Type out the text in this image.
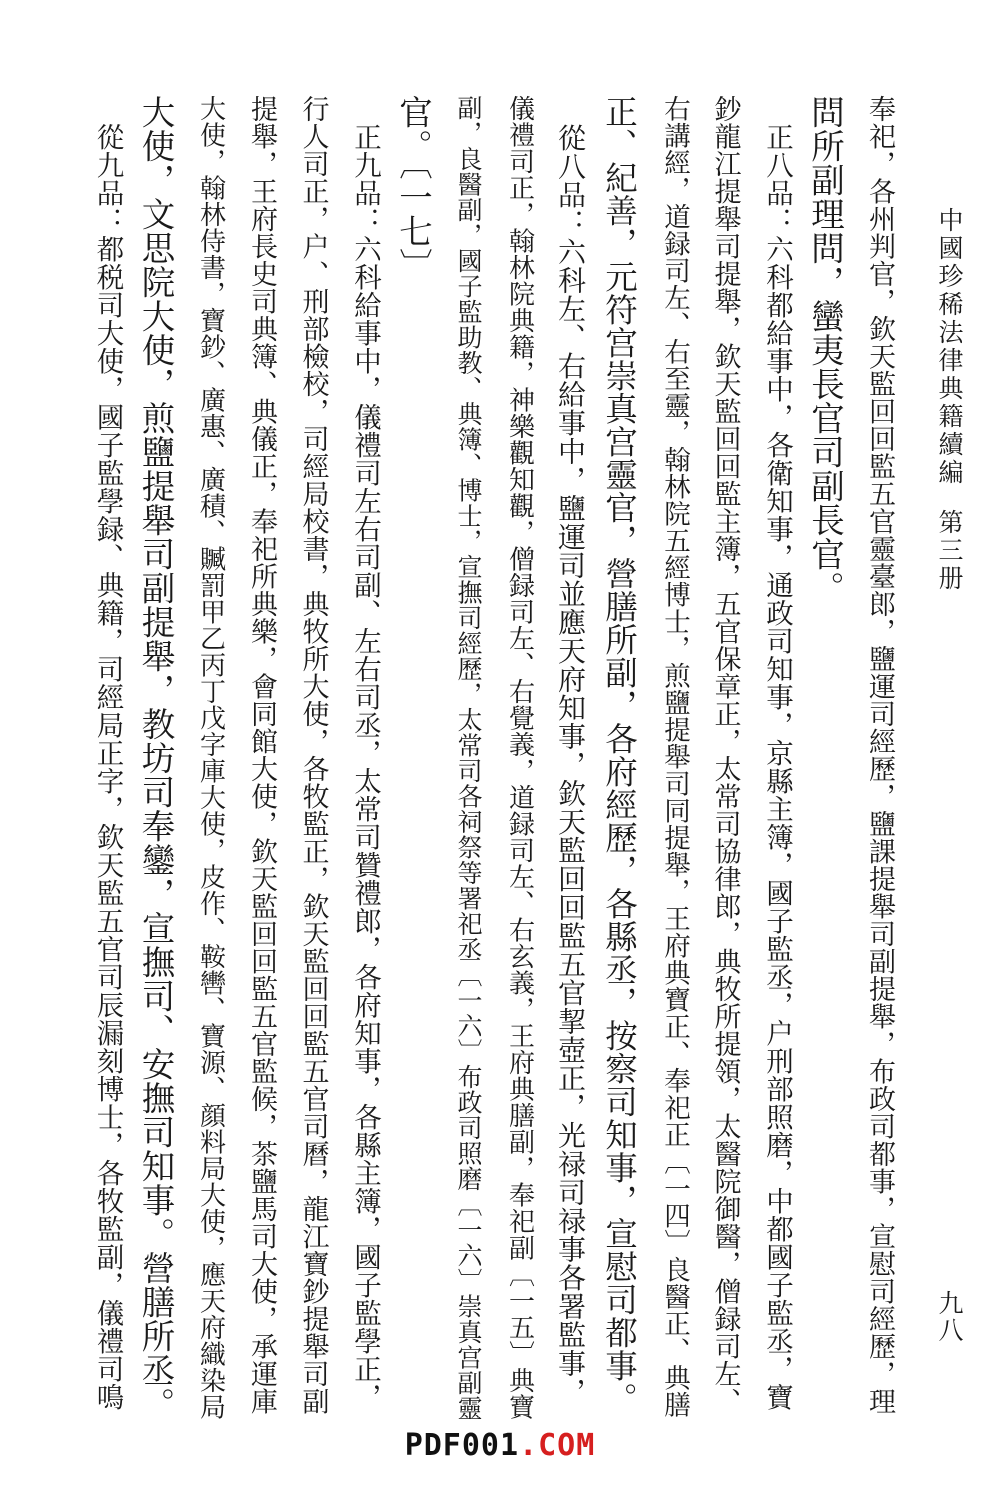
中國珍稀法律典籍續編第三册
九八
奉祀，各州判官，欽天監回回監五官靈臺郎，鹽運司經歷，鹽課提舉司副提舉，布政司都事，宣慰司經歷，理
問所副理問，蠻夷長官司副長官。
　正八品：六科都給事中，各衛知事，通政司知事，京縣主簿，國子監丞，户刑部照磨，中都國子監丞，寶
鈔龍江提舉司提舉，欽天監回回監主簿，五官保章正，太常司協律郎，典牧所提領，太醫院御醫，僧録司左、
右講經，道録司左、右至靈，翰林院五經博士，煎鹽提舉司同提舉，王府典寶正、奉祀正〔一四〕良醫正、典膳
正、紀善，元符宫崇真宫靈官，營膳所副，各府經歷，各縣丞，按察司知事，宣慰司都事。
　從八品：六科左、右給事中，鹽運司並應天府知事，欽天監回回監五官挈壺正，光禄司禄事各署監事，
儀禮司正，翰林院典籍，神樂觀知觀，僧録司左、右覺義，道録司左、右玄義，王府典膳副，奉祀副〔一五〕典寶
副，良醫副，國子監助教、典簿、博士，宣撫司經歷，太常司各祠祭等署祀丞〔一六〕布政司照磨〔一六〕崇真宫副靈
官。〔一七〕
　正九品：六科給事中，儀禮司左右司副、左右司丞，太常司贊禮郎，各府知事，各縣主簿，國子監學正，
行人司正，户、刑部檢校，司經局校書，典牧所大使，各牧監正，欽天監回回監五官司曆，龍江寶鈔提舉司副
提舉，王府長史司典簿、典儀正，奉祀所典樂，會同館大使，欽天監回回監五官監候，茶鹽馬司大使，承運庫
大使，翰林侍書，寶鈔、廣惠、廣積、贓罰甲乙丙丁戊字庫大使，皮作、鞍轡、寶源、顔料局大使，應天府織染局
大使，文思院大使，煎鹽提舉司副提舉，教坊司奉鑾，宣撫司、安撫司知事。營膳所丞。
　從九品：都税司大使，國子監學録、典籍，司經局正字，欽天監五官司辰漏刻博士，各牧監副，儀禮司鳴
PDF001.COM
